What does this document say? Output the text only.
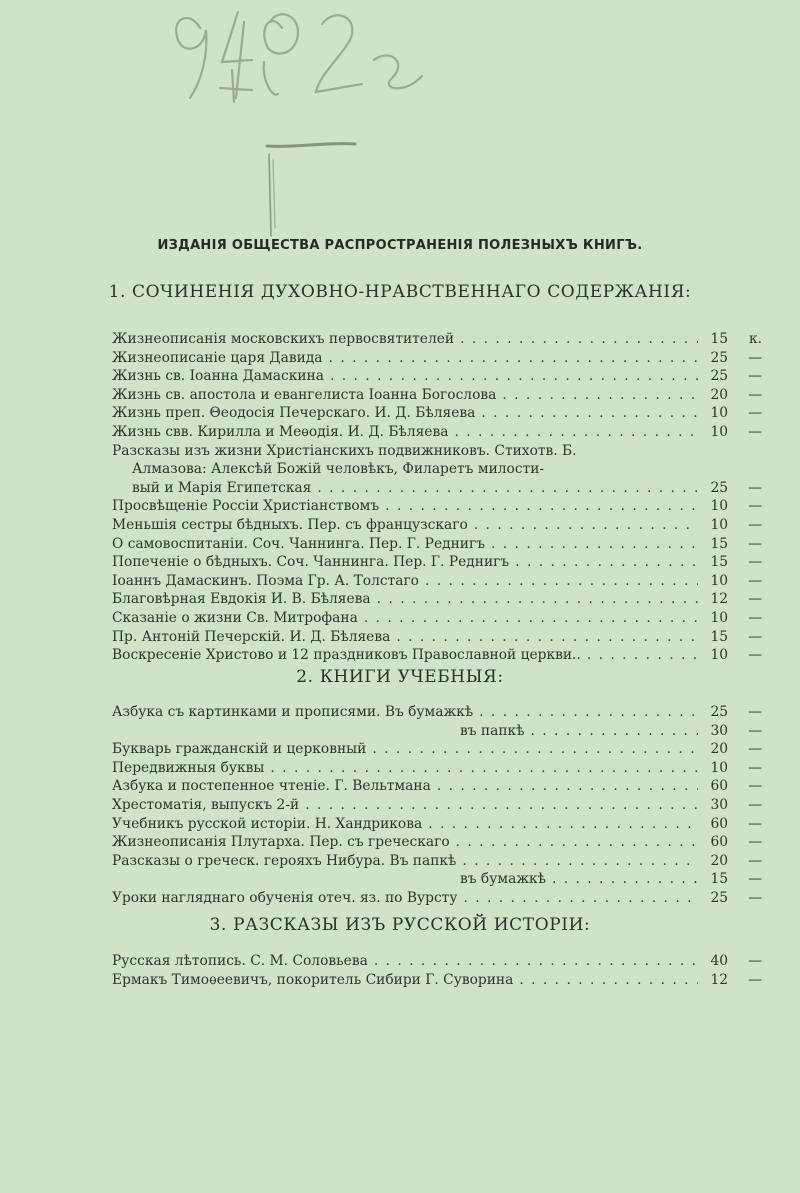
ИЗДАНІЯ ОБЩЕСТВА РАСПРОСТРАНЕНІЯ ПОЛЕЗНЫХЪ КНИГЪ.
1. СОЧИНЕНІЯ ДУХОВНО-НРАВСТВЕННАГО СОДЕРЖАНІЯ:
Жизнеописанія московскихъ первосвятителей . . .	15	к.
Жизнеописаніе царя Давида . . .	25	—
Жизнь св. Іоанна Дамаскина . . .	25	—
Жизнь св. апостола и евангелиста Іоанна Богослова . . .	20	—
Жизнь преп. Θеодосія Печерскаго. И. Д. Бѣляева . . .	10	—
Жизнь свв. Кирилла и Меѳодія. И. Д. Бѣляева . . .	10	—
Разсказы изъ жизни Христіанскихъ подвижниковъ. Стихотв. Б.
Алмазова: Алексѣй Божій человѣкъ, Филаретъ милости-
вый и Марія Египетская . . .	25	—
Просвѣщеніе Россіи Христіанствомъ . . .	10	—
Меньшія сестры бѣдныхъ. Пер. съ французскаго . . .	10	—
О самовоспитаніи. Соч. Чаннинга. Пер. Г. Реднигъ . . .	15	—
Попеченіе о бѣдныхъ. Соч. Чаннинга. Пер. Г. Реднигъ . . .	15	—
Іоаннъ Дамаскинъ. Поэма Гр. А. Толстаго . . .	10	—
Благовѣрная Евдокія И. В. Бѣляева . . .	12	—
Сказаніе о жизни Св. Митрофана . . .	10	—
Пр. Антоній Печерскій. И. Д. Бѣляева . . .	15	—
Воскресеніе Христово и 12 праздниковъ Православной церкви.. . . .	10	—
2. КНИГИ УЧЕБНЫЯ:
Азбука съ картинками и прописями. Въ бумажкѣ . . .	25	—
въ папкѣ . . .	30	—
Букварь гражданскій и церковный . . .	20	—
Передвижныя буквы . . .	10	—
Азбука и постепенное чтеніе. Г. Вельтмана . . .	60	—
Хрестоматія, выпускъ 2-й . . .	30	—
Учебникъ русской исторіи. Н. Хандрикова . . .	60	—
Жизнеописанія Плутарха. Пер. съ греческаго . . .	60	—
Разсказы о греческ. герояхъ Нибура. Въ папкѣ . . .	20	—
въ бумажкѣ . . .	15	—
Уроки нагляднаго обученія отеч. яз. по Вурсту . . .	25	—
3. РАЗСКАЗЫ ИЗЪ РУССКОЙ ИСТОРІИ:
Русская лѣтопись. С. М. Соловьева . . .	40	—
Ермакъ Тимоѳеевичъ, покоритель Сибири Г. Суворина . . .	12	—
